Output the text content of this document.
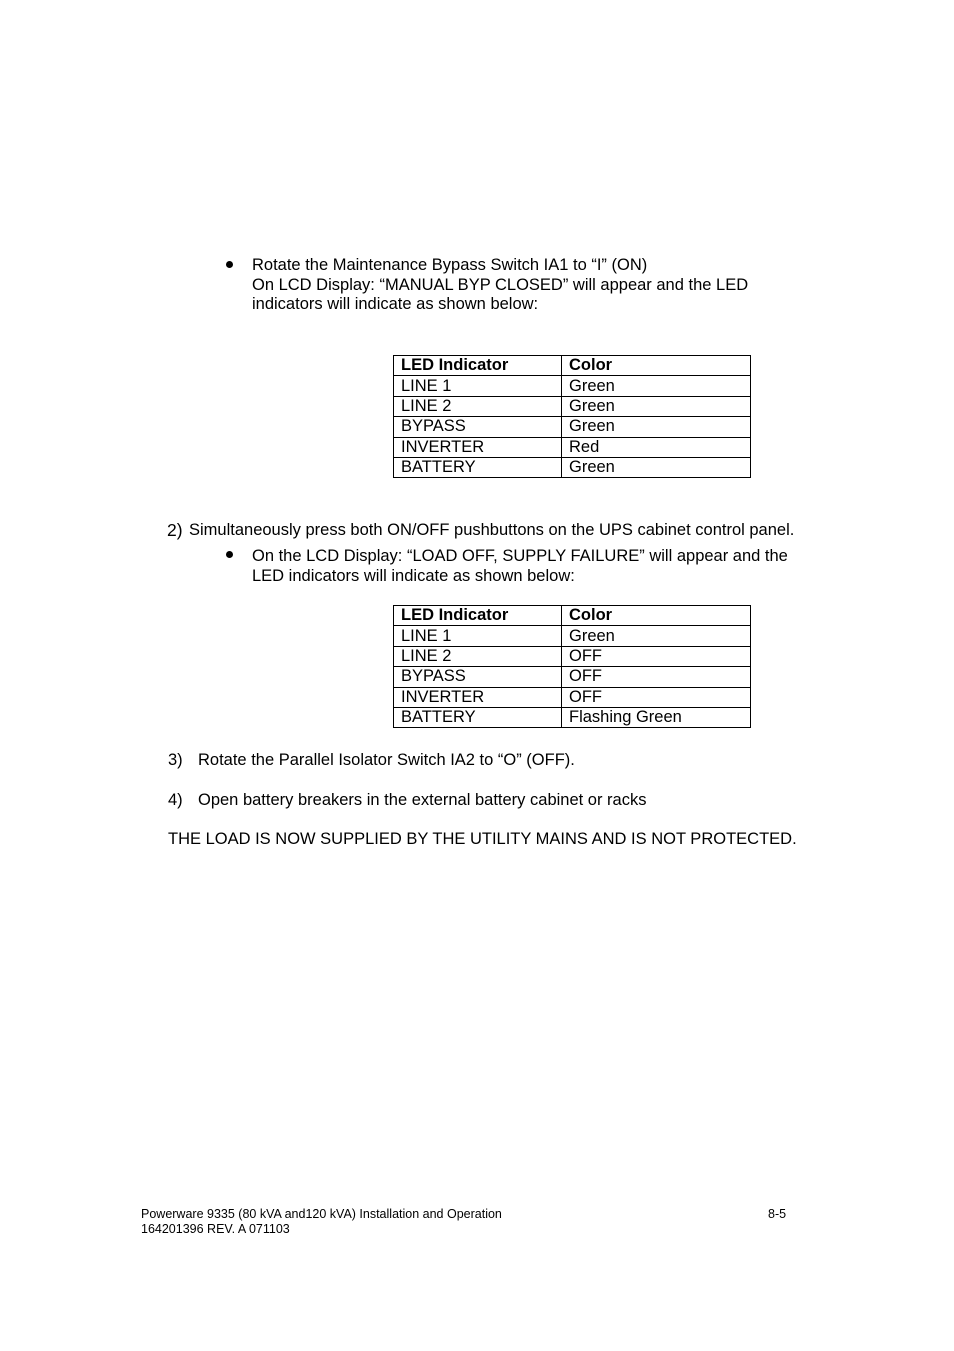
Rotate the Maintenance Bypass Switch IA1 to “I” (ON)
On LCD Display: “MANUAL BYP CLOSED” will appear and the LED
indicators will indicate as shown below:
LED Indicator	Color
LINE 1	Green
LINE 2	Green
BYPASS	Green
INVERTER	Red
BATTERY	Green
2) Simultaneously press both ON/OFF pushbuttons on the UPS cabinet control panel.
On the LCD Display: “LOAD OFF, SUPPLY FAILURE” will appear and the
LED indicators will indicate as shown below:
LED Indicator	Color
LINE 1	Green
LINE 2	OFF
BYPASS	OFF
INVERTER	OFF
BATTERY	Flashing Green
3) Rotate the Parallel Isolator Switch IA2 to “O” (OFF).
4) Open battery breakers in the external battery cabinet or racks
THE LOAD IS NOW SUPPLIED BY THE UTILITY MAINS AND IS NOT PROTECTED.
Powerware 9335 (80 kVA and120 kVA) Installation and Operation
164201396 REV. A 071103
8-5
